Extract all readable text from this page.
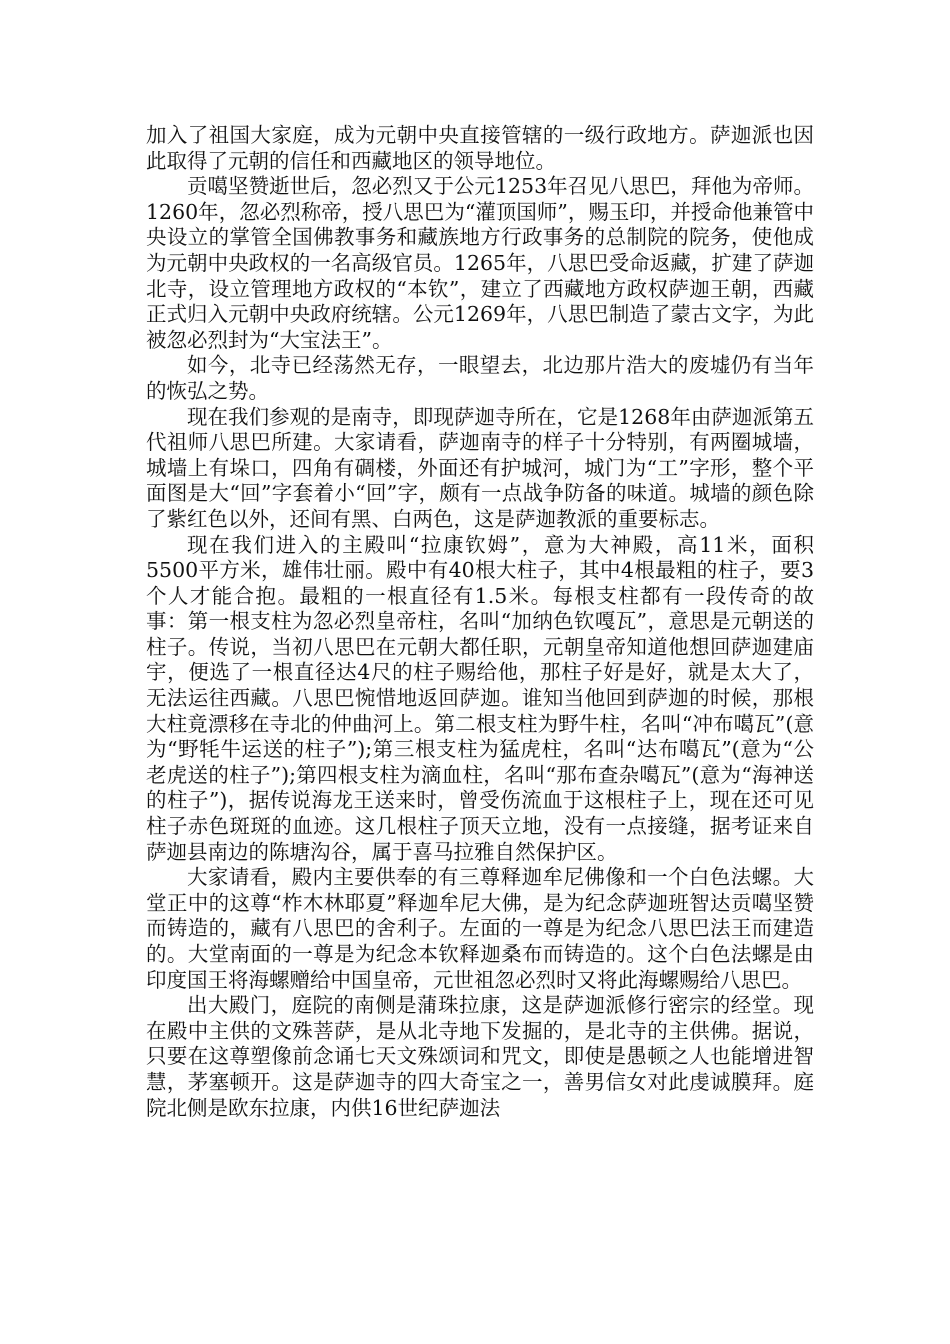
加入了祖国大家庭，成为元朝中央直接管辖的一级行政地方。萨迦派也因此取得了元朝的信任和西藏地区的领导地位。

贡噶坚赞逝世后，忽必烈又于公元1253年召见八思巴，拜他为帝师。1260年，忽必烈称帝，授八思巴为“灌顶国师”，赐玉印，并授命他兼管中央设立的掌管全国佛教事务和藏族地方行政事务的总制院的院务，使他成为元朝中央政权的一名高级官员。1265年，八思巴受命返藏，扩建了萨迦北寺，设立管理地方政权的“本钦”，建立了西藏地方政权萨迦王朝，西藏正式归入元朝中央政府统辖。公元1269年，八思巴制造了蒙古文字，为此被忽必烈封为“大宝法王”。

如今，北寺已经荡然无存，一眼望去，北边那片浩大的废墟仍有当年的恢弘之势。

现在我们参观的是南寺，即现萨迦寺所在，它是1268年由萨迦派第五代祖师八思巴所建。大家请看，萨迦南寺的样子十分特别，有两圈城墙，城墙上有垛口，四角有碉楼，外面还有护城河，城门为“工”字形，整个平面图是大“回”字套着小“回”字，颇有一点战争防备的味道。城墙的颜色除了紫红色以外，还间有黑、白两色，这是萨迦教派的重要标志。

现在我们进入的主殿叫“拉康钦姆”，意为大神殿，高11米，面积5500平方米，雄伟壮丽。殿中有40根大柱子，其中4根最粗的柱子，要3个人才能合抱。最粗的一根直径有1.5米。每根支柱都有一段传奇的故事：第一根支柱为忽必烈皇帝柱，名叫“加纳色钦嘎瓦”，意思是元朝送的柱子。传说，当初八思巴在元朝大都任职，元朝皇帝知道他想回萨迦建庙宇，便选了一根直径达4尺的柱子赐给他，那柱子好是好，就是太大了，无法运往西藏。八思巴惋惜地返回萨迦。谁知当他回到萨迦的时候，那根大柱竟漂移在寺北的仲曲河上。第二根支柱为野牛柱，名叫“冲布噶瓦”(意为“野牦牛运送的柱子”);第三根支柱为猛虎柱，名叫“达布噶瓦”(意为“公老虎送的柱子”);第四根支柱为滴血柱，名叫“那布查杂噶瓦”(意为“海神送的柱子”)，据传说海龙王送来时，曾受伤流血于这根柱子上，现在还可见柱子赤色斑斑的血迹。这几根柱子顶天立地，没有一点接缝，据考证来自萨迦县南边的陈塘沟谷，属于喜马拉雅自然保护区。

大家请看，殿内主要供奉的有三尊释迦牟尼佛像和一个白色法螺。大堂正中的这尊“柞木林耶夏”释迦牟尼大佛，是为纪念萨迦班智达贡噶坚赞而铸造的，藏有八思巴的舍利子。左面的一尊是为纪念八思巴法王而建造的。大堂南面的一尊是为纪念本钦释迦桑布而铸造的。这个白色法螺是由印度国王将海螺赠给中国皇帝，元世祖忽必烈时又将此海螺赐给八思巴。

出大殿门，庭院的南侧是蒲珠拉康，这是萨迦派修行密宗的经堂。现在殿中主供的文殊菩萨，是从北寺地下发掘的，是北寺的主供佛。据说，只要在这尊塑像前念诵七天文殊颂词和咒文，即使是愚顿之人也能增进智慧，茅塞顿开。这是萨迦寺的四大奇宝之一，善男信女对此虔诚膜拜。庭院北侧是欧东拉康，内供16世纪萨迦法
